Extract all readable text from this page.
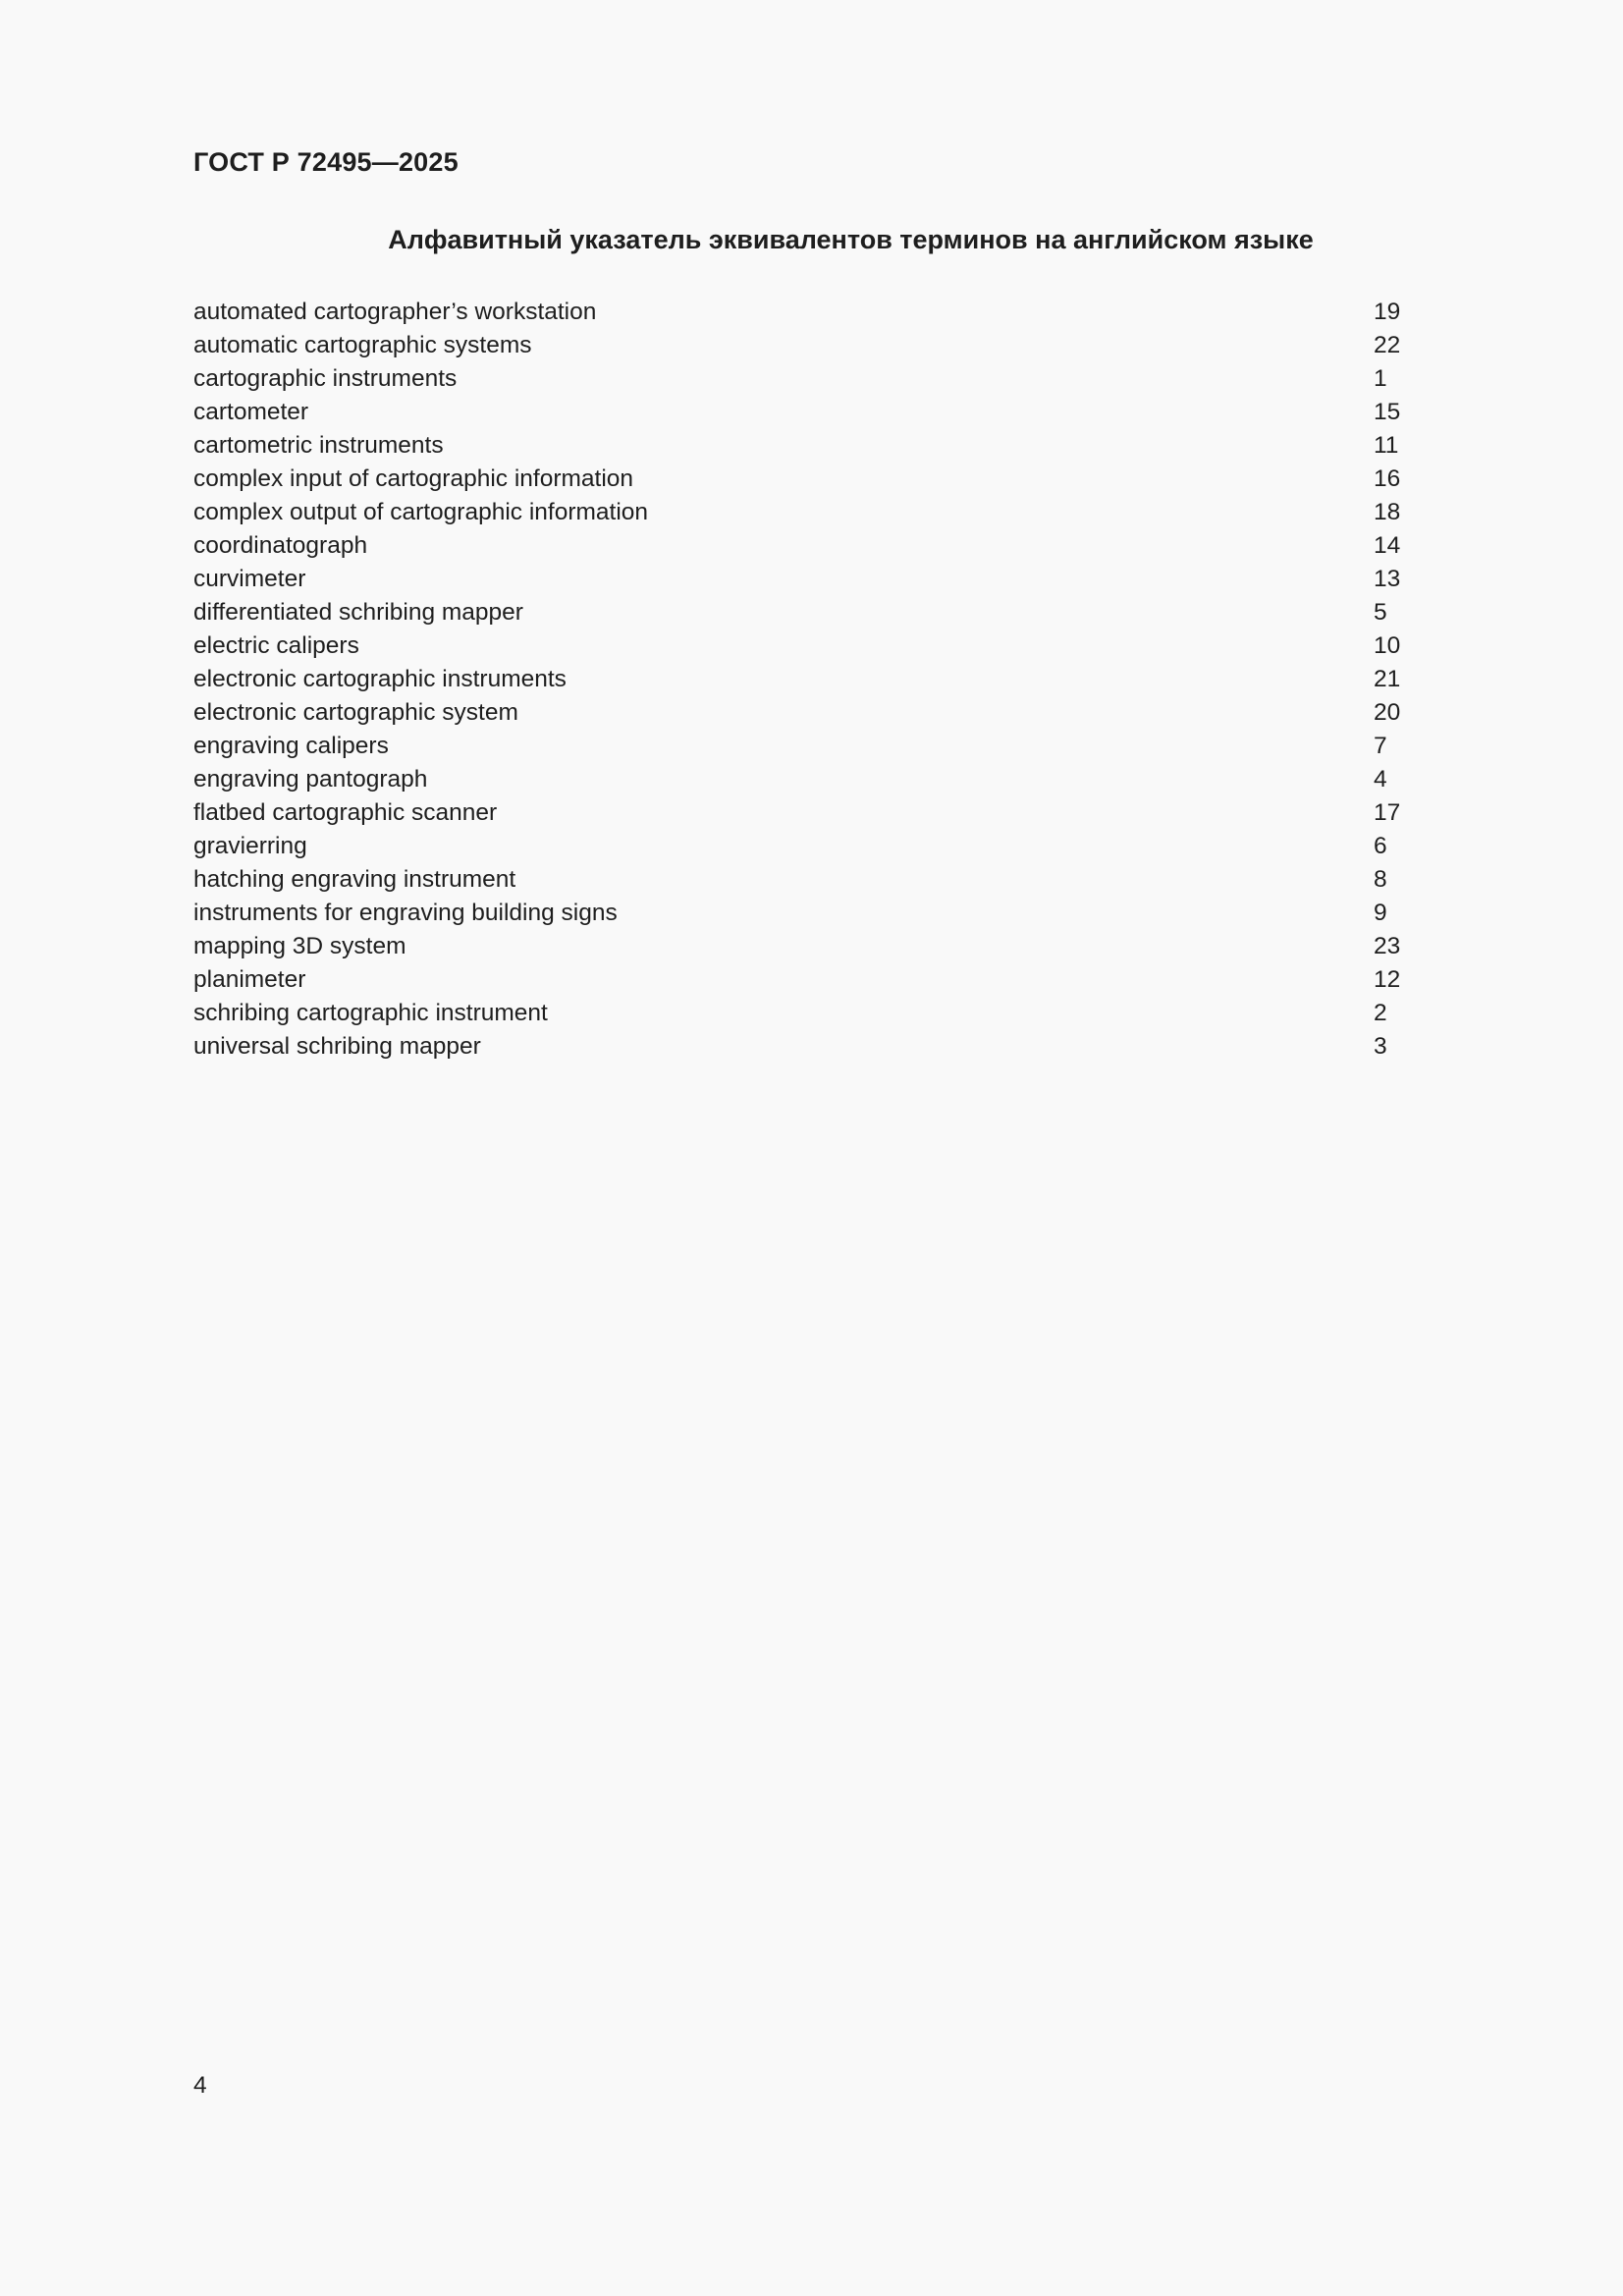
ГОСТ Р 72495—2025
Алфавитный указатель эквивалентов терминов на английском языке
automated cartographer’s workstation	19
automatic cartographic systems	22
cartographic instruments	1
cartometer	15
cartometric instruments	11
complex input of cartographic information	16
complex output of cartographic information	18
coordinatograph	14
curvimeter	13
differentiated schribing mapper	5
electric calipers	10
electronic cartographic instruments	21
electronic cartographic system	20
engraving calipers	7
engraving pantograph	4
flatbed cartographic scanner	17
gravierring	6
hatching engraving instrument	8
instruments for engraving building signs	9
mapping 3D system	23
planimeter	12
schribing cartographic instrument	2
universal schribing mapper	3
4
